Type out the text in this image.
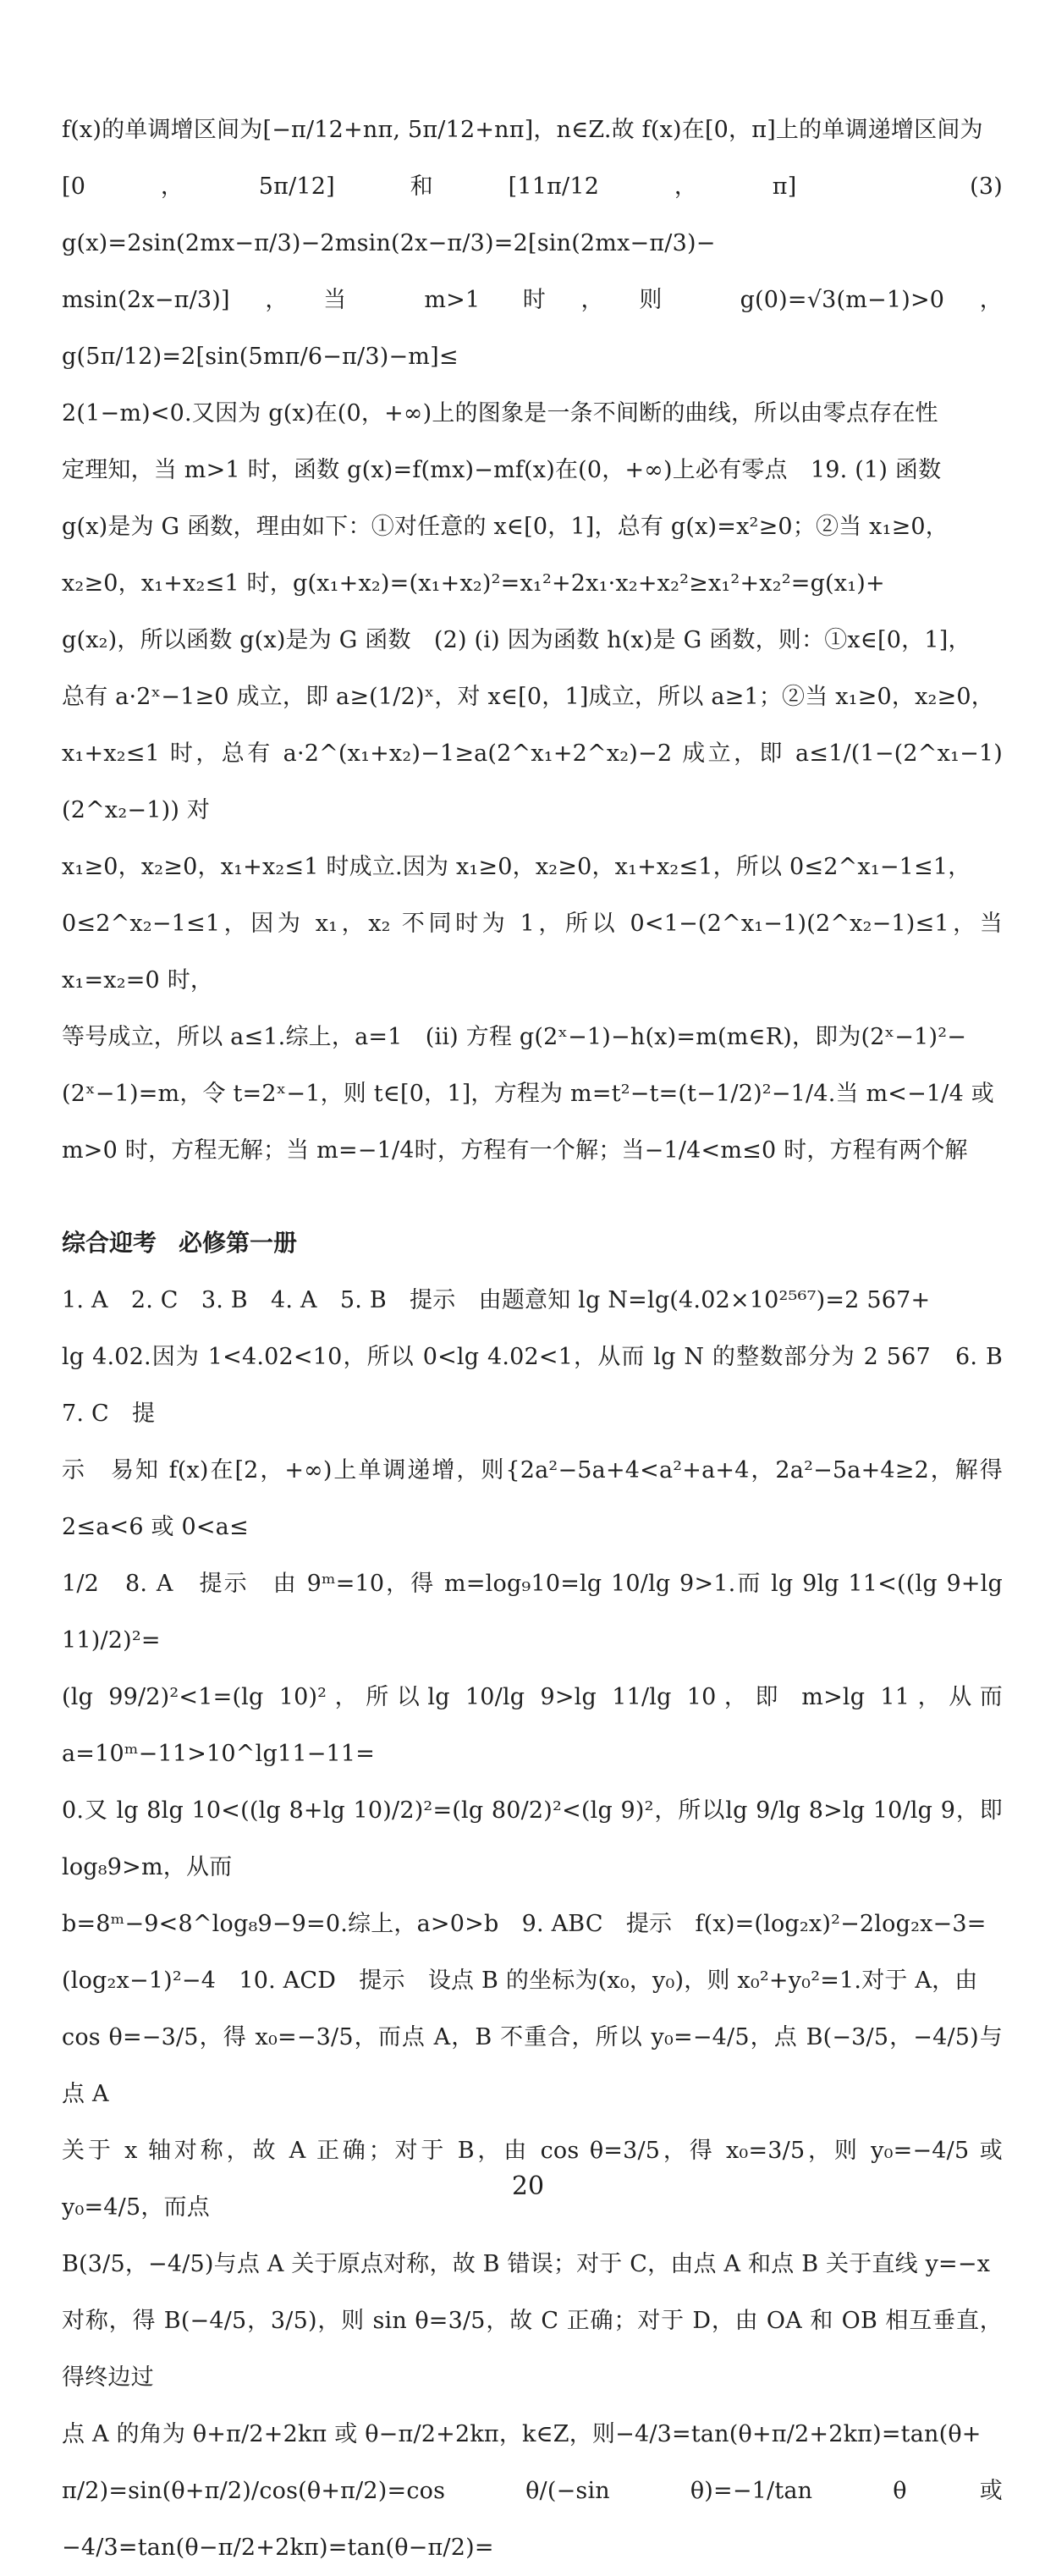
f(x)的单调增区间为[−π/12+nπ, 5π/12+nπ]，n∈Z.故 f(x)在[0，π]上的单调递增区间为

[0，5π/12]和[11π/12，π]　(3) g(x)=2sin(2mx−π/3)−2msin(2x−π/3)=2[sin(2mx−π/3)−

msin(2x−π/3)]，当 m>1 时，则 g(0)=√3(m−1)>0，g(5π/12)=2[sin(5mπ/6−π/3)−m]≤

2(1−m)<0.又因为 g(x)在(0，+∞)上的图象是一条不间断的曲线，所以由零点存在性

定理知，当 m>1 时，函数 g(x)=f(mx)−mf(x)在(0，+∞)上必有零点　19. (1) 函数

g(x)是为 G 函数，理由如下：①对任意的 x∈[0，1]，总有 g(x)=x²≥0；②当 x₁≥0，

x₂≥0，x₁+x₂≤1 时，g(x₁+x₂)=(x₁+x₂)²=x₁²+2x₁·x₂+x₂²≥x₁²+x₂²=g(x₁)+

g(x₂)，所以函数 g(x)是为 G 函数　(2) (i) 因为函数 h(x)是 G 函数，则：①x∈[0，1]，

总有 a·2ˣ−1≥0 成立，即 a≥(1/2)ˣ，对 x∈[0，1]成立，所以 a≥1；②当 x₁≥0，x₂≥0，

x₁+x₂≤1 时，总有 a·2^(x₁+x₂)−1≥a(2^x₁+2^x₂)−2 成立，即 a≤1/(1−(2^x₁−1)(2^x₂−1)) 对

x₁≥0，x₂≥0，x₁+x₂≤1 时成立.因为 x₁≥0，x₂≥0，x₁+x₂≤1，所以 0≤2^x₁−1≤1，

0≤2^x₂−1≤1，因为 x₁，x₂ 不同时为 1，所以 0<1−(2^x₁−1)(2^x₂−1)≤1，当 x₁=x₂=0 时，

等号成立，所以 a≤1.综上，a=1　(ii) 方程 g(2ˣ−1)−h(x)=m(m∈R)，即为(2ˣ−1)²−

(2ˣ−1)=m，令 t=2ˣ−1，则 t∈[0，1]，方程为 m=t²−t=(t−1/2)²−1/4.当 m<−1/4 或

m>0 时，方程无解；当 m=−1/4时，方程有一个解；当−1/4<m≤0 时，方程有两个解

综合迎考 必修第一册

1. A　2. C　3. B　4. A　5. B　提示　由题意知 lg N=lg(4.02×10²⁵⁶⁷)=2 567+

lg 4.02.因为 1<4.02<10，所以 0<lg 4.02<1，从而 lg N 的整数部分为 2 567　6. B　7. C　提

示　易知 f(x)在[2，+∞)上单调递增，则{2a²−5a+4<a²+a+4，2a²−5a+4≥2，解得 2≤a<6 或 0<a≤

1/2　8. A　提示　由 9ᵐ=10，得 m=log₉10=lg 10/lg 9>1.而 lg 9lg 11<((lg 9+lg 11)/2)²=

(lg 99/2)²<1=(lg 10)²，所以lg 10/lg 9>lg 11/lg 10，即 m>lg 11，从而 a=10ᵐ−11>10^lg11−11=

0.又 lg 8lg 10<((lg 8+lg 10)/2)²=(lg 80/2)²<(lg 9)²，所以lg 9/lg 8>lg 10/lg 9，即 log₈9>m，从而

b=8ᵐ−9<8^log₈9−9=0.综上，a>0>b　9. ABC　提示　f(x)=(log₂x)²−2log₂x−3=

(log₂x−1)²−4　10. ACD　提示　设点 B 的坐标为(x₀，y₀)，则 x₀²+y₀²=1.对于 A，由

cos θ=−3/5，得 x₀=−3/5，而点 A，B 不重合，所以 y₀=−4/5，点 B(−3/5，−4/5)与点 A

关于 x 轴对称，故 A 正确；对于 B，由 cos θ=3/5，得 x₀=3/5，则 y₀=−4/5 或 y₀=4/5，而点

B(3/5，−4/5)与点 A 关于原点对称，故 B 错误；对于 C，由点 A 和点 B 关于直线 y=−x

对称，得 B(−4/5，3/5)，则 sin θ=3/5，故 C 正确；对于 D，由 OA 和 OB 相互垂直，得终边过

点 A 的角为 θ+π/2+2kπ 或 θ−π/2+2kπ，k∈Z，则−4/3=tan(θ+π/2+2kπ)=tan(θ+

π/2)=sin(θ+π/2)/cos(θ+π/2)=cos θ/(−sin θ)=−1/tan θ或−4/3=tan(θ−π/2+2kπ)=tan(θ−π/2)=

20
